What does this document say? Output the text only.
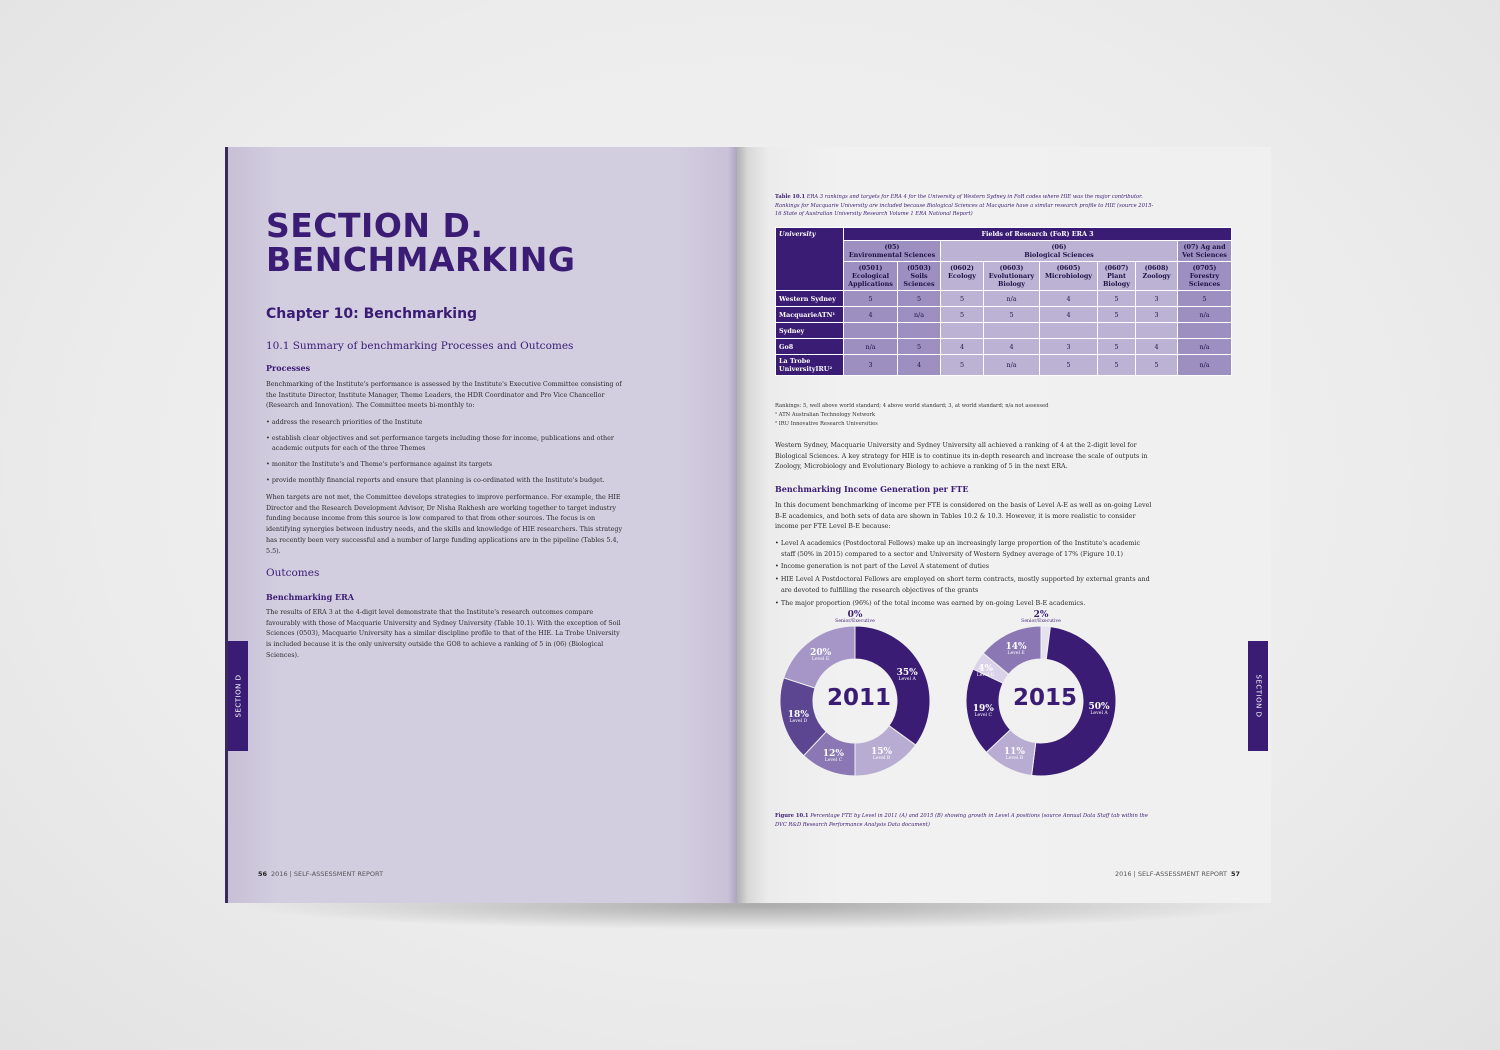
SECTION D.
BENCHMARKING
Chapter 10: Benchmarking
10.1 Summary of benchmarking Processes and Outcomes
Processes
Benchmarking of the Institute's performance is assessed by the Institute's Executive Committee consisting of the Institute Director, Institute Manager, Theme Leaders, the HDR Coordinator and Pro Vice Chancellor (Research and Innovation). The Committee meets bi-monthly to:
• address the research priorities of the Institute
• establish clear objectives and set performance targets including those for income, publications and other academic outputs for each of the three Themes
• monitor the Institute's and Theme's performance against its targets
• provide monthly financial reports and ensure that planning is co-ordinated with the Institute's budget.
When targets are not met, the Committee develops strategies to improve performance. For example, the HIE Director and the Research Development Advisor, Dr Nisha Rakhesh are working together to target industry funding because income from this source is low compared to that from other sources. The focus is on identifying synergies between industry needs, and the skills and knowledge of HIE researchers. This strategy has recently been very successful and a number of large funding applications are in the pipeline (Tables 5.4, 5.5).
Outcomes
Benchmarking ERA
The results of ERA 3 at the 4-digit level demonstrate that the Institute's research outcomes compare favourably with those of Macquarie University and Sydney University (Table 10.1). With the exception of Soil Sciences (0503), Macquarie University has a similar discipline profile to that of the HIE. La Trobe University is included because it is the only university outside the GO8 to achieve a ranking of 5 in (06) (Biological Sciences).
SECTION D
56 2016 | SELF-ASSESSMENT REPORT
Table 10.1 ERA 3 rankings and targets for ERA 4 for the University of Western Sydney in FoR codes where HIE was the major contributor. Rankings for Macquarie University are included because Biological Sciences at Macquarie have a similar research profile to HIE (source 2015-16 State of Australian University Research Volume 1 ERA National Report)
University	Fields of Research (FoR) ERA 3							
	(05)
Environmental Sciences		(06)
Biological Sciences					(07) Ag and
Vet Sciences
	(0501)
Ecological
Applications	(0503)
Soils
Sciences	(0602)
Ecology	(0603)
Evolutionary
Biology	(0605)
Microbiology	(0607)
Plant
Biology	(0608)
Zoology	(0705)
Forestry
Sciences
Western Sydney	5	5	5	n/a	4	5	3	5
MacquarieATN¹	4	n/a	5	5	4	5	3	n/a
Sydney								
Go8	n/a	5	4	4	3	5	4	n/a
La Trobe UniversityIRU²	3	4	5	n/a	5	5	5	n/a
Rankings: 5, well above world standard; 4 above world standard; 3, at world standard; n/a not assessed
¹ ATN Australian Technology Network
² IRU Innovative Research Universities
Western Sydney, Macquarie University and Sydney University all achieved a ranking of 4 at the 2-digit level for Biological Sciences. A key strategy for HIE is to continue its in-depth research and increase the scale of outputs in Zoology, Microbiology and Evolutionary Biology to achieve a ranking of 5 in the next ERA.
Benchmarking Income Generation per FTE
In this document benchmarking of income per FTE is considered on the basis of Level A-E as well as on-going Level B-E academics, and both sets of data are shown in Tables 10.2 & 10.3. However, it is more realistic to consider income per FTE Level B-E because:
• Level A academics (Postdoctoral Fellows) make up an increasingly large proportion of the Institute's academic staff (50% in 2015) compared to a sector and University of Western Sydney average of 17% (Figure 10.1)
• Income generation is not part of the Level A statement of duties
• HIE Level A Postdoctoral Fellows are employed on short term contracts, mostly supported by external grants and are devoted to fulfilling the research objectives of the grants
• The major proportion (96%) of the total income was earned by on-going Level B-E academics.
0%
Senior/Executive
35%
Level A
15%
Level B
12%
Level C
18%
Level D
20%
Level E
2011
2%
Senior/Executive
50%
Level A
11%
Level B
19%
Level C
4%
Level D
14%
Level E
2015
Figure 10.1 Percentage FTE by Level in 2011 (A) and 2015 (B) showing growth in Level A positions (source Annual Data Staff tab within the DVC R&D Research Performance Analysis Data document)
SECTION D
2016 | SELF-ASSESSMENT REPORT 57
